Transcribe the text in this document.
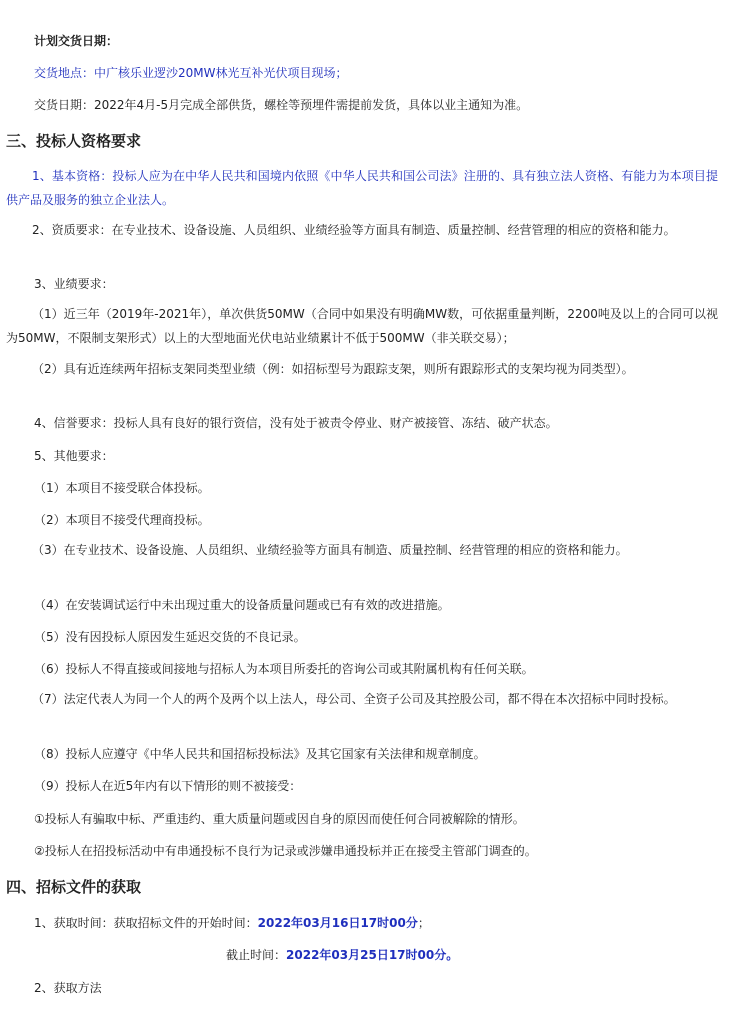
计划交货日期：

交货地点：中广核乐业逻沙20MW林光互补光伏项目现场；

交货日期：2022年4月-5月完成全部供货，螺栓等预埋件需提前发货，具体以业主通知为准。

三、投标人资格要求

1、基本资格：投标人应为在中华人民共和国境内依照《中华人民共和国公司法》注册的、具有独立法人资格、有能力为本项目提供产品及服务的独立企业法人。

2、资质要求：在专业技术、设备设施、人员组织、业绩经验等方面具有制造、质量控制、经营管理的相应的资格和能力。

3、业绩要求：

（1）近三年（2019年-2021年），单次供货50MW（合同中如果没有明确MW数，可依据重量判断，2200吨及以上的合同可以视为50MW，不限制支架形式）以上的大型地面光伏电站业绩累计不低于500MW（非关联交易）；

（2）具有近连续两年招标支架同类型业绩（例：如招标型号为跟踪支架，则所有跟踪形式的支架均视为同类型）。

4、信誉要求：投标人具有良好的银行资信，没有处于被责令停业、财产被接管、冻结、破产状态。

5、其他要求：

（1）本项目不接受联合体投标。

（2）本项目不接受代理商投标。

（3）在专业技术、设备设施、人员组织、业绩经验等方面具有制造、质量控制、经营管理的相应的资格和能力。

（4）在安装调试运行中未出现过重大的设备质量问题或已有有效的改进措施。

（5）没有因投标人原因发生延迟交货的不良记录。

（6）投标人不得直接或间接地与招标人为本项目所委托的咨询公司或其附属机构有任何关联。

（7）法定代表人为同一个人的两个及两个以上法人，母公司、全资子公司及其控股公司，都不得在本次招标中同时投标。

（8）投标人应遵守《中华人民共和国招标投标法》及其它国家有关法律和规章制度。

（9）投标人在近5年内有以下情形的则不被接受：

①投标人有骗取中标、严重违约、重大质量问题或因自身的原因而使任何合同被解除的情形。

②投标人在招投标活动中有串通投标不良行为记录或涉嫌串通投标并正在接受主管部门调查的。

四、招标文件的获取

1、获取时间：获取招标文件的开始时间：2022年03月16日17时00分；

截止时间：2022年03月25日17时00分。

2、获取方法
